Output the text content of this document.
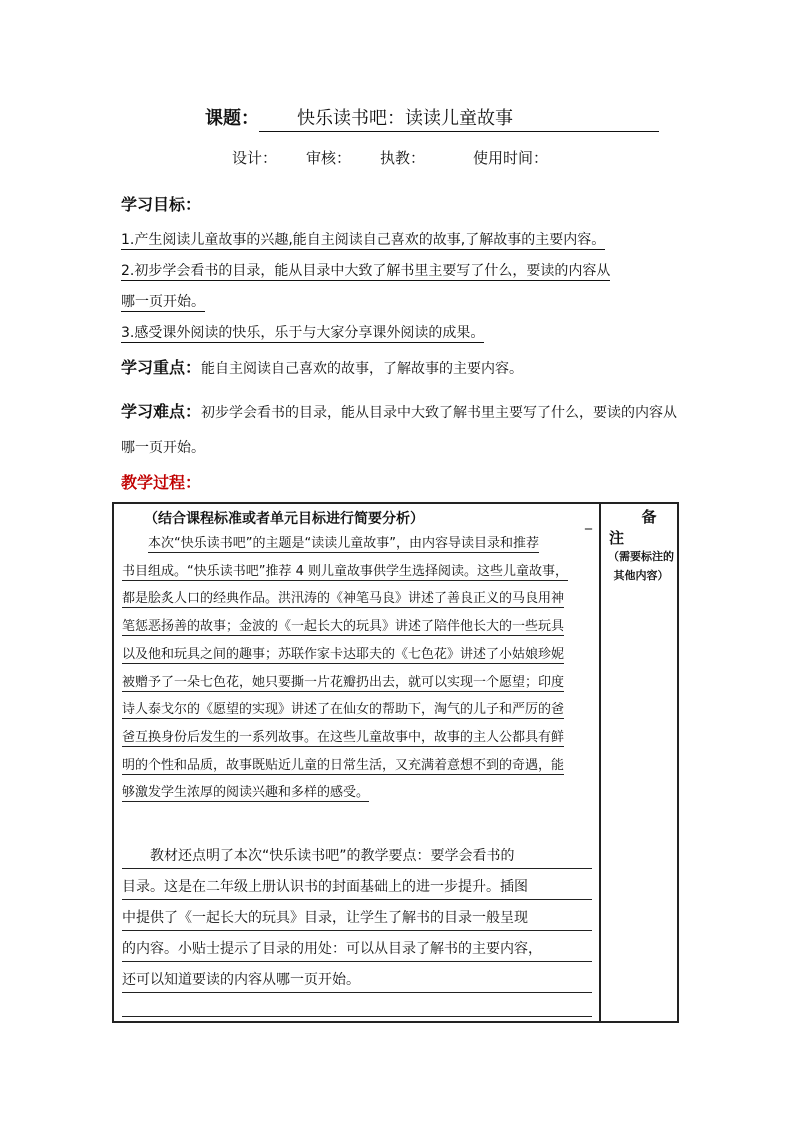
课题： 快乐读书吧：读读儿童故事
设计： 审核： 执教：	使用时间：
学习目标：
1.产生阅读儿童故事的兴趣,能自主阅读自己喜欢的故事,了解故事的主要内容。
2.初步学会看书的目录，能从目录中大致了解书里主要写了什么，要读的内容从
哪一页开始。
3.感受课外阅读的快乐，乐于与大家分享课外阅读的成果。
学习重点：能自主阅读自己喜欢的故事，了解故事的主要内容。
学习难点：初步学会看书的目录，能从目录中大致了解书里主要写了什么，要读的内容从哪一页开始。
教学过程：
（结合课程标准或者单元目标进行简要分析）	_

本次“快乐读书吧”的主题是“读读儿童故事”，由内容导读目录和推荐

书目组成。“快乐读书吧”推荐 4 则儿童故事供学生选择阅读。这些儿童故事，
都是脍炙人口的经典作品。洪汛涛的《神笔马良》讲述了善良正义的马良用神
笔惩恶扬善的故事；金波的《一起长大的玩具》讲述了陪伴他长大的一些玩具
以及他和玩具之间的趣事；苏联作家卡达耶夫的《七色花》讲述了小姑娘珍妮
被赠予了一朵七色花，她只要撕一片花瓣扔出去，就可以实现一个愿望；印度
诗人泰戈尔的《愿望的实现》讲述了在仙女的帮助下，淘气的儿子和严厉的爸
爸互换身份后发生的一系列故事。在这些儿童故事中，故事的主人公都具有鲜
明的个性和品质，故事既贴近儿童的日常生活，又充满着意想不到的奇遇，能
够激发学生浓厚的阅读兴趣和多样的感受。

教材还点明了本次“快乐读书吧”的教学要点：要学会看书的

目录。这是在二年级上册认识书的封面基础上的进一步提升。插图
中提供了《一起长大的玩具》目录，让学生了解书的目录一般呈现
的内容。小贴士提示了目录的用处：可以从目录了解书的主要内容，
还可以知道要读的内容从哪一页开始。
备
注
（需要标注的其他内容）
